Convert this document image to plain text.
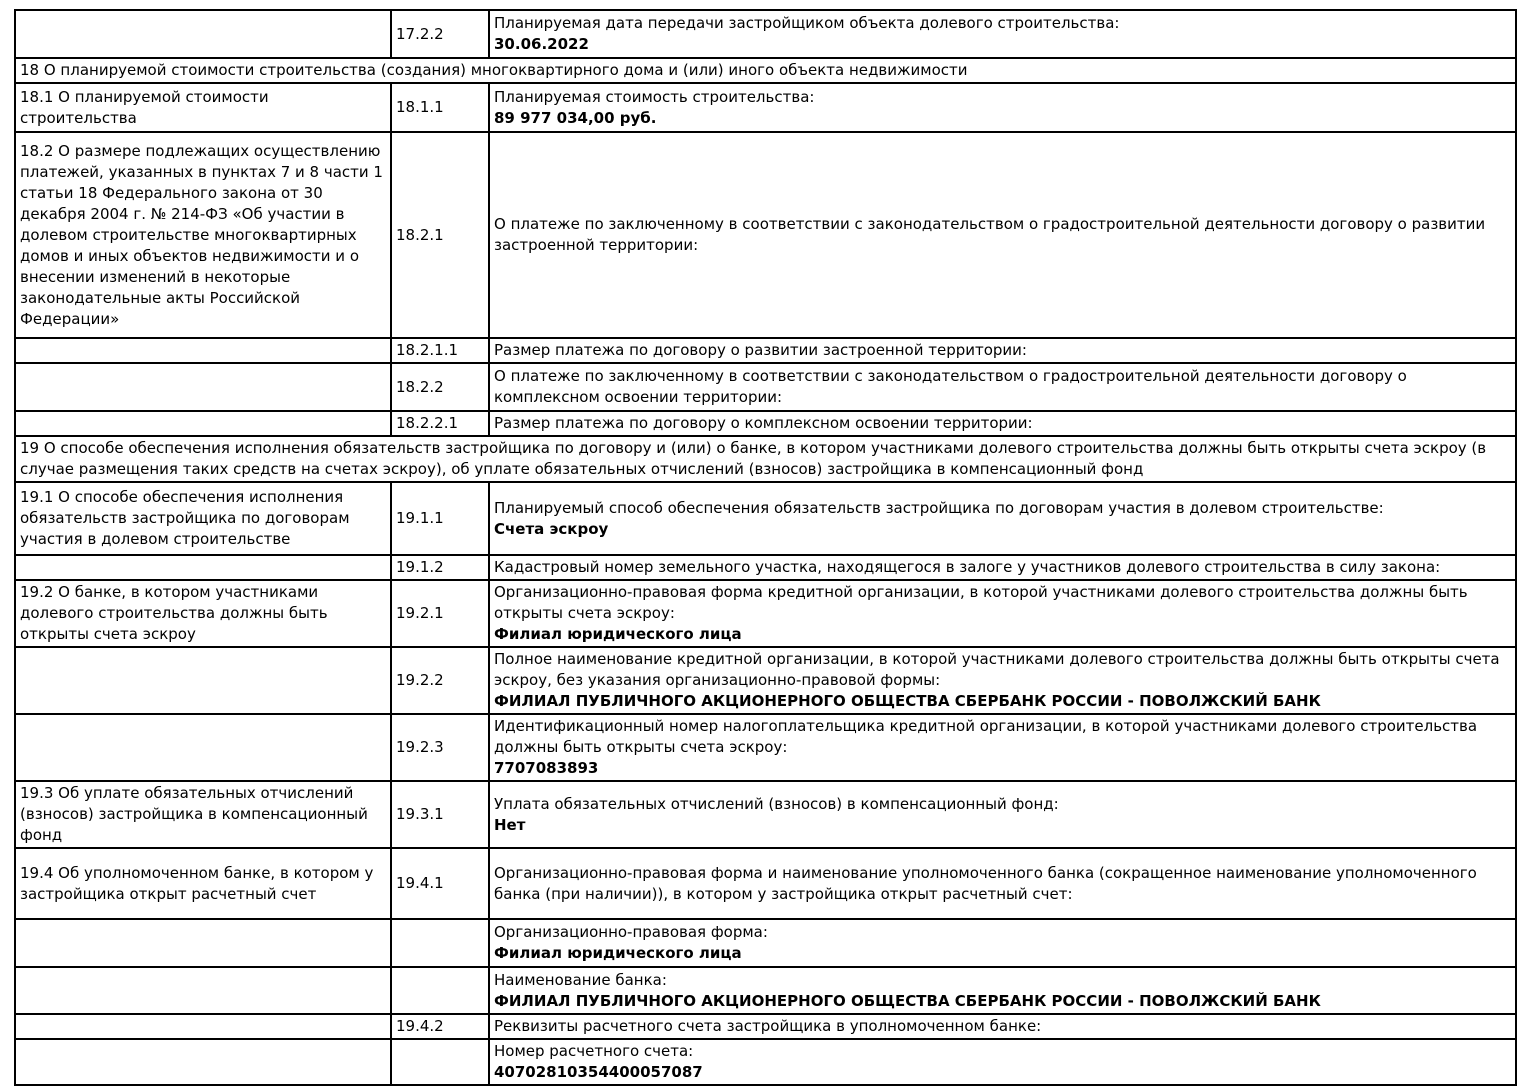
	17.2.2	Планируемая дата передачи застройщиком объекта долевого строительства:
30.06.2022

18 О планируемой стоимости строительства (создания) многоквартирного дома и (или) иного объекта недвижимости		
18.1 О планируемой стоимости строительства	18.1.1	Планируемая стоимость строительства:
89 977 034,00 руб.

18.2 О размере подлежащих осуществлению платежей, указанных в пунктах 7 и 8 части 1 статьи 18 Федерального закона от 30 декабря 2004 г. № 214-ФЗ «Об участии в долевом строительстве многоквартирных домов и иных объектов недвижимости и о внесении изменений в некоторые законодательные акты Российской Федерации»	18.2.1	О платеже по заключенному в соответствии с законодательством о градостроительной деятельности договору о развитии застроенной территории:

	18.2.1.1	Размер платежа по договору о развитии застроенной территории:

	18.2.2	О платеже по заключенному в соответствии с законодательством о градостроительной деятельности договору о комплексном освоении территории:

	18.2.2.1	Размер платежа по договору о комплексном освоении территории:

19 О способе обеспечения исполнения обязательств застройщика по договору и (или) о банке, в котором участниками долевого строительства должны быть открыты счета эскроу (в случае размещения таких средств на счетах эскроу), об уплате обязательных отчислений (взносов) застройщика в компенсационный фонд		
19.1 О способе обеспечения исполнения обязательств застройщика по договорам участия в долевом строительстве	19.1.1	Планируемый способ обеспечения обязательств застройщика по договорам участия в долевом строительстве:
Счета эскроу

	19.1.2	Кадастровый номер земельного участка, находящегося в залоге у участников долевого строительства в силу закона:

19.2 О банке, в котором участниками долевого строительства должны быть открыты счета эскроу	19.2.1	Организационно-правовая форма кредитной организации, в которой участниками долевого строительства должны быть открыты счета эскроу:
Филиал юридического лица

	19.2.2	Полное наименование кредитной организации, в которой участниками долевого строительства должны быть открыты счета эскроу, без указания организационно-правовой формы:
ФИЛИАЛ ПУБЛИЧНОГО АКЦИОНЕРНОГО ОБЩЕСТВА СБЕРБАНК РОССИИ - ПОВОЛЖСКИЙ БАНК

	19.2.3	Идентификационный номер налогоплательщика кредитной организации, в которой участниками долевого строительства должны быть открыты счета эскроу:
7707083893

19.3 Об уплате обязательных отчислений (взносов) застройщика в компенсационный фонд	19.3.1	Уплата обязательных отчислений (взносов) в компенсационный фонд:
Нет

19.4 Об уполномоченном банке, в котором у застройщика открыт расчетный счет	19.4.1	Организационно-правовая форма и наименование уполномоченного банка (сокращенное наименование уполномоченного банка (при наличии)), в котором у застройщика открыт расчетный счет:

		Организационно-правовая форма:
Филиал юридического лица

		Наименование банка:
ФИЛИАЛ ПУБЛИЧНОГО АКЦИОНЕРНОГО ОБЩЕСТВА СБЕРБАНК РОССИИ - ПОВОЛЖСКИЙ БАНК

	19.4.2	Реквизиты расчетного счета застройщика в уполномоченном банке:

		Номер расчетного счета:
40702810354400057087
